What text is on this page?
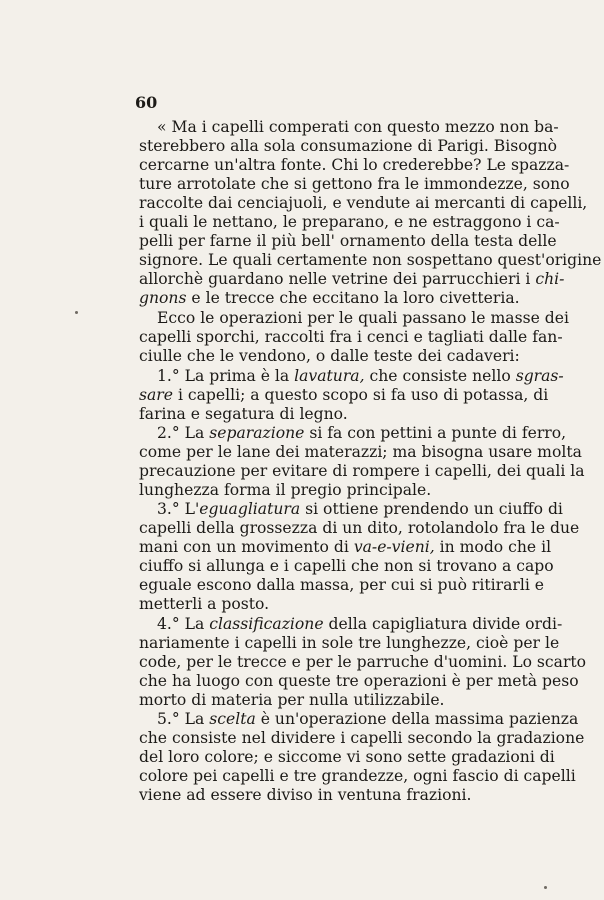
60
« Ma i capelli comperati con questo mezzo non ba-
sterebbero alla sola consumazione di Parigi. Bisognò
cercarne un'altra fonte. Chi lo crederebbe? Le spazza-
ture arrotolate che si gettono fra le immondezze, sono
raccolte dai cenciajuoli, e vendute ai mercanti di capelli,
i quali le nettano, le preparano, e ne estraggono i ca-
pelli per farne il più bell' ornamento della testa delle
signore. Le quali certamente non sospettano quest'origine
allorchè guardano nelle vetrine dei parrucchieri i chi-
gnons e le trecce che eccitano la loro civetteria.
Ecco le operazioni per le quali passano le masse dei
capelli sporchi, raccolti fra i cenci e tagliati dalle fan-
ciulle che le vendono, o dalle teste dei cadaveri:
1.° La prima è la lavatura, che consiste nello sgras-
sare i capelli; a questo scopo si fa uso di potassa, di
farina e segatura di legno.
2.° La separazione si fa con pettini a punte di ferro,
come per le lane dei materazzi; ma bisogna usare molta
precauzione per evitare di rompere i capelli, dei quali la
lunghezza forma il pregio principale.
3.° L'eguagliatura si ottiene prendendo un ciuffo di
capelli della grossezza di un dito, rotolandolo fra le due
mani con un movimento di va-e-vieni, in modo che il
ciuffo si allunga e i capelli che non si trovano a capo
eguale escono dalla massa, per cui si può ritirarli e
metterli a posto.
4.° La classificazione della capigliatura divide ordi-
nariamente i capelli in sole tre lunghezze, cioè per le
code, per le trecce e per le parruche d'uomini. Lo scarto
che ha luogo con queste tre operazioni è per metà peso
morto di materia per nulla utilizzabile.
5.° La scelta è un'operazione della massima pazienza
che consiste nel dividere i capelli secondo la gradazione
del loro colore; e siccome vi sono sette gradazioni di
colore pei capelli e tre grandezze, ogni fascio di capelli
viene ad essere diviso in ventuna frazioni.
